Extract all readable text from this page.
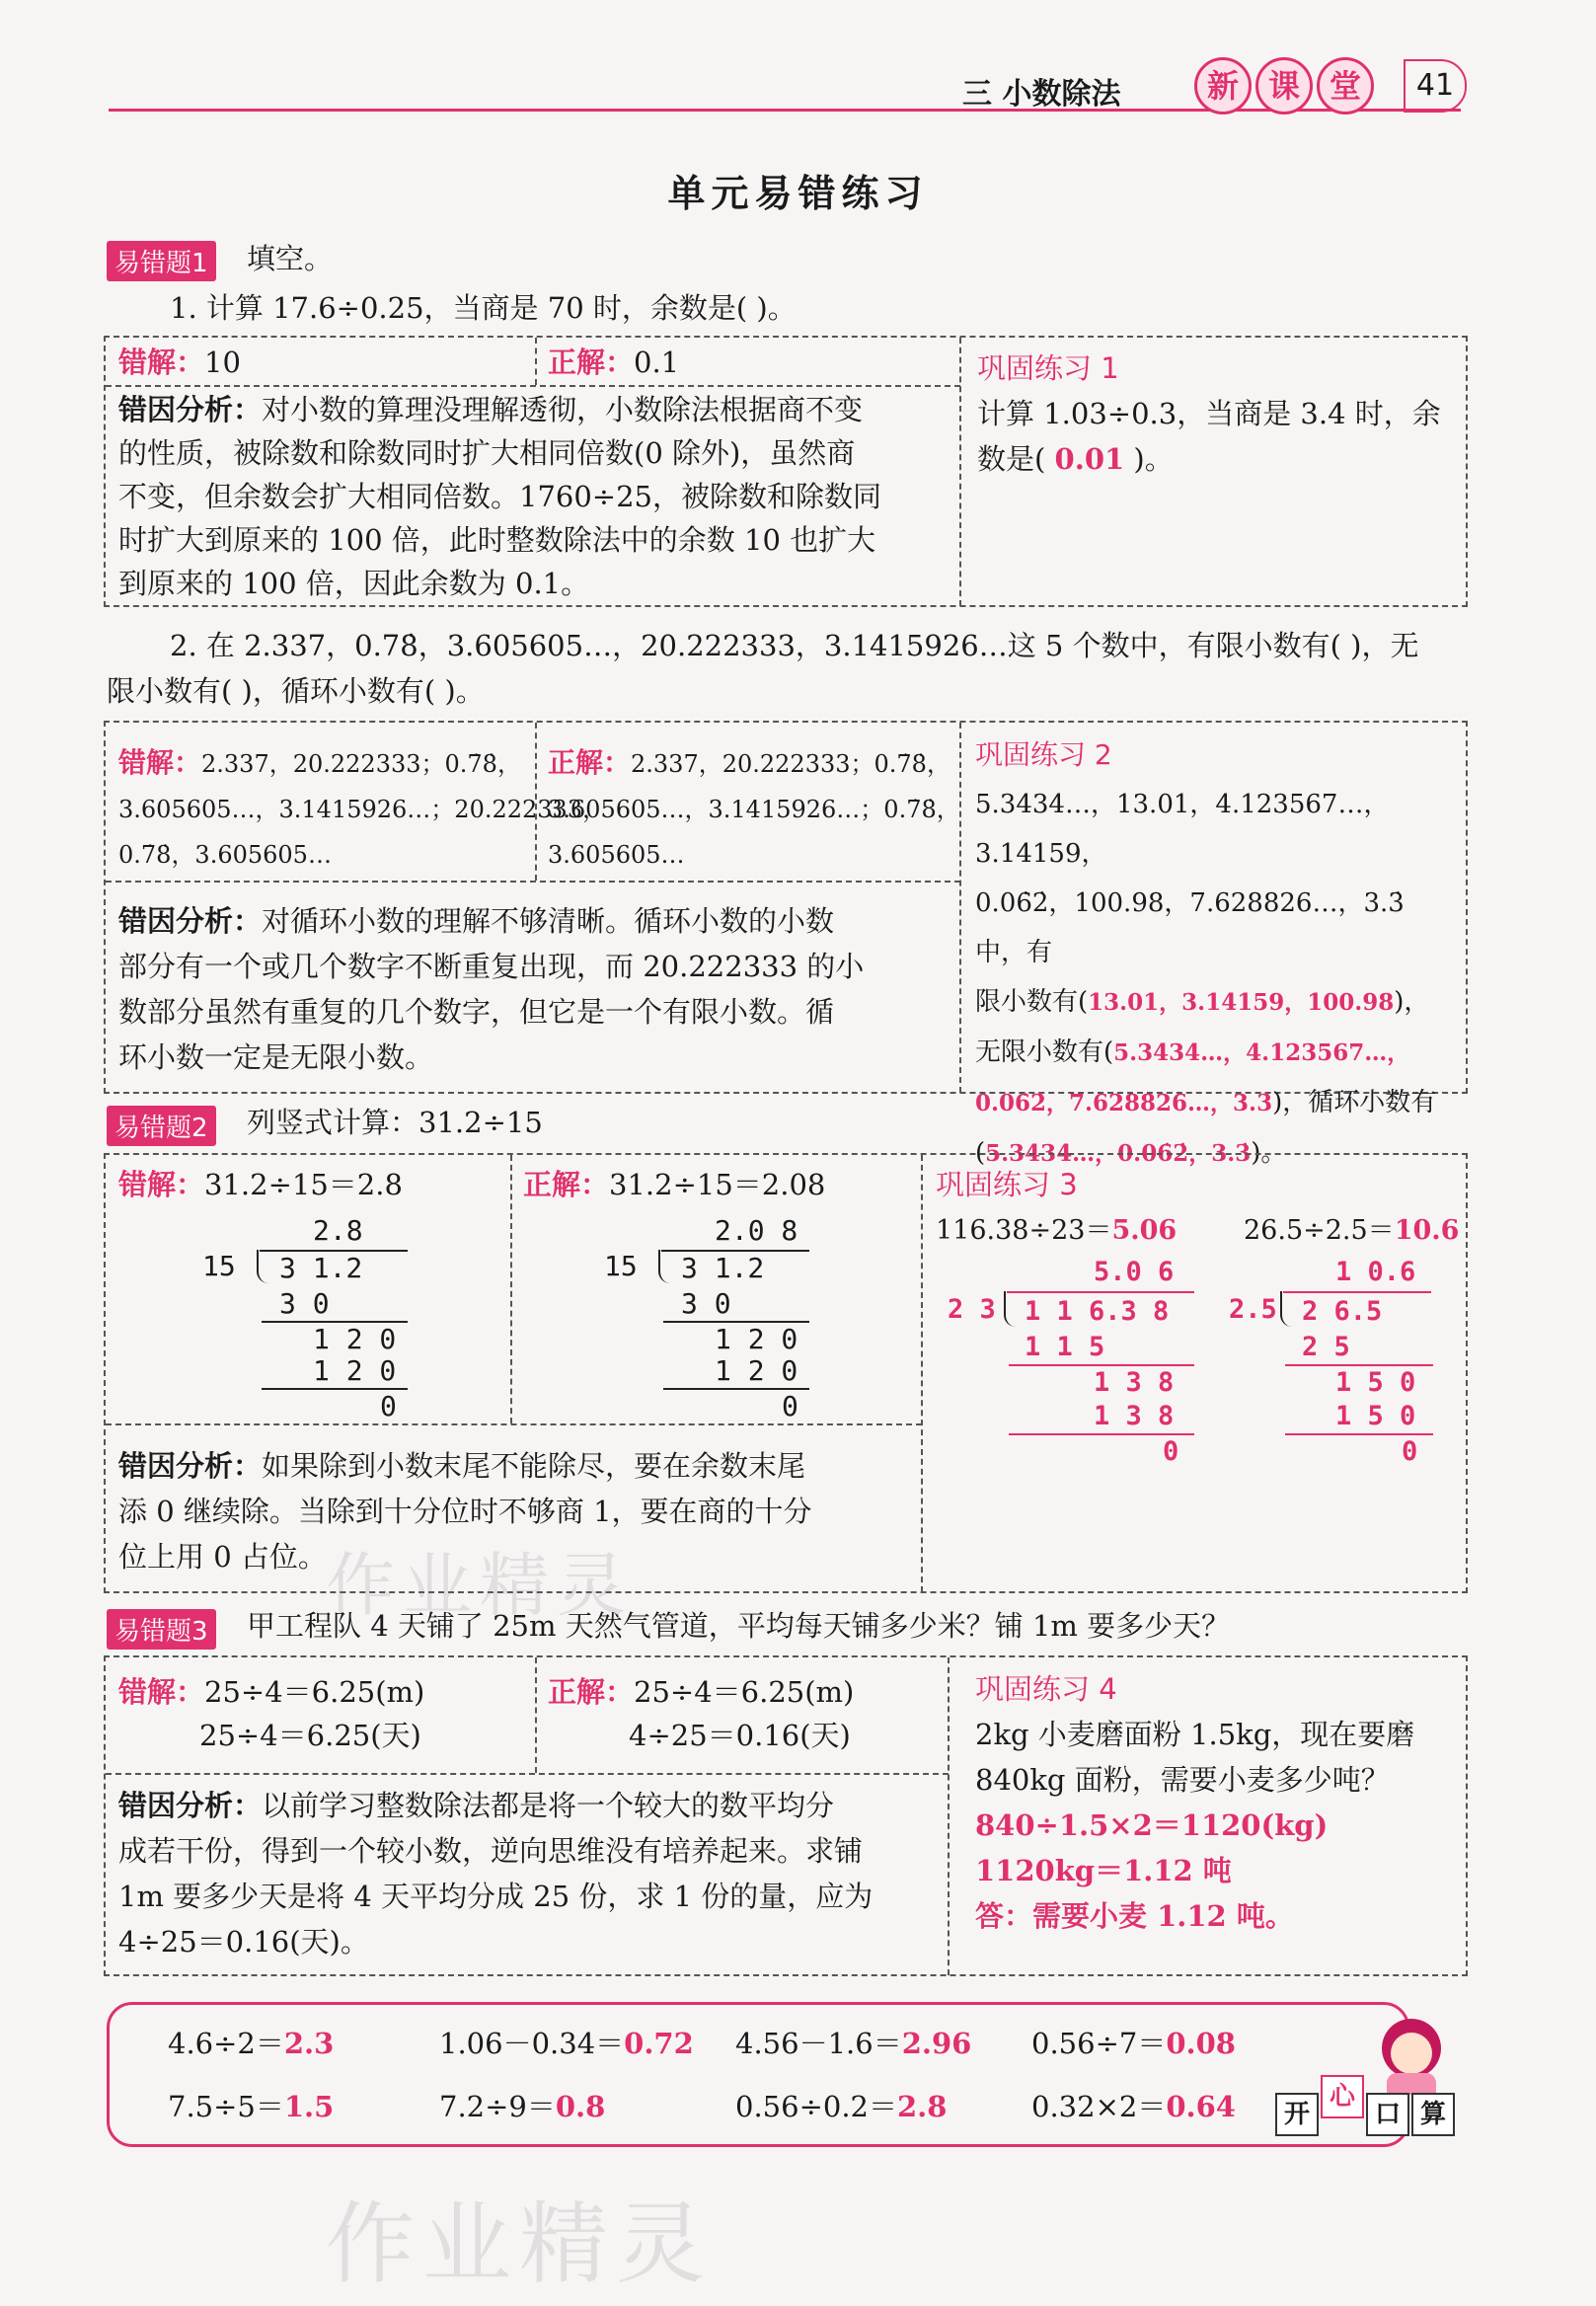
三 小数除法	新 课 堂	41
单元易错练习
易错题1 填空。
1. 计算 17.6÷0.25，当商是 70 时，余数是( )。
错解：10	正解：0.1
错因分析：对小数的算理没理解透彻，小数除法根据商不变
的性质，被除数和除数同时扩大相同倍数(0 除外)，虽然商
不变，但余数会扩大相同倍数。1760÷25，被除数和除数同
时扩大到原来的 100 倍，此时整数除法中的余数 10 也扩大
到原来的 100 倍，因此余数为 0.1。
巩固练习 1
计算 1.03÷0.3，当商是 3.4 时，余
数是( 0.01 )。
2. 在 2.337，0.78̇，3.605605…，20.222333，3.1415926…这 5 个数中，有限小数有( )，无
限小数有( )，循环小数有( )。
错解：2.337，20.222333；0.7̇8̇，
3.605605…，3.1415926…；20.222333，
0.7̇8̇，3.605605…
正解：2.337，20.222333；0.7̇8̇，
3.605605…，3.1415926…；0.7̇8̇，
3.605605…
错因分析：对循环小数的理解不够清晰。循环小数的小数
部分有一个或几个数字不断重复出现，而 20.222333 的小
数部分虽然有重复的几个数字，但它是一个有限小数。循
环小数一定是无限小数。
巩固练习 2
5.3434…，13.01，4.123567…，3.14159，
0.06̇2̇，100.98，7.628826…，3.3̇ 中，有
限小数有(13.01，3.14159，100.98)，
无限小数有(5.3434…，4.123567…，
0.06̇2̇，7.628826…，3.3̇)，循环小数有
(5.3434…，0.06̇2̇，3.3̇)。
易错题2 列竖式计算：31.2÷15
错解：31.2÷15＝2.8
2.8
15 3 1.2
3 0
1 2 0
1 2 0
0
正解：31.2÷15＝2.08
2.0 8
15 3 1.2
3 0
1 2 0
1 2 0
0
错因分析：如果除到小数末尾不能除尽，要在余数末尾
添 0 继续除。当除到十分位时不够商 1，要在商的十分
位上用 0 占位。
巩固练习 3
116.38÷23＝5.06	26.5÷2.5＝10.6
5.0 6
2 3 1 1 6.3 8
1 1 5
1 3 8
1 3 8
0
1 0.6
2.5 2 6.5
2 5
1 5 0
1 5 0
0
易错题3 甲工程队 4 天铺了 25m 天然气管道，平均每天铺多少米？铺 1m 要多少天？
错解：25÷4＝6.25(m)
25÷4＝6.25(天)
正解：25÷4＝6.25(m)
4÷25＝0.16(天)
错因分析：以前学习整数除法都是将一个较大的数平均分
成若干份，得到一个较小数，逆向思维没有培养起来。求铺
1m 要多少天是将 4 天平均分成 25 份，求 1 份的量，应为
4÷25＝0.16(天)。
巩固练习 4
2kg 小麦磨面粉 1.5kg，现在要磨
840kg 面粉，需要小麦多少吨？
840÷1.5×2＝1120(kg)
1120kg＝1.12 吨
答：需要小麦 1.12 吨。
4.6÷2＝2.3	1.06－0.34＝0.72 4.56－1.6＝2.96 0.56÷7＝0.08
7.5÷5＝1.5	7.2÷9＝0.8	0.56÷0.2＝2.8	0.32×2＝0.64	开
心
口 算
作业精灵
作业精灵
